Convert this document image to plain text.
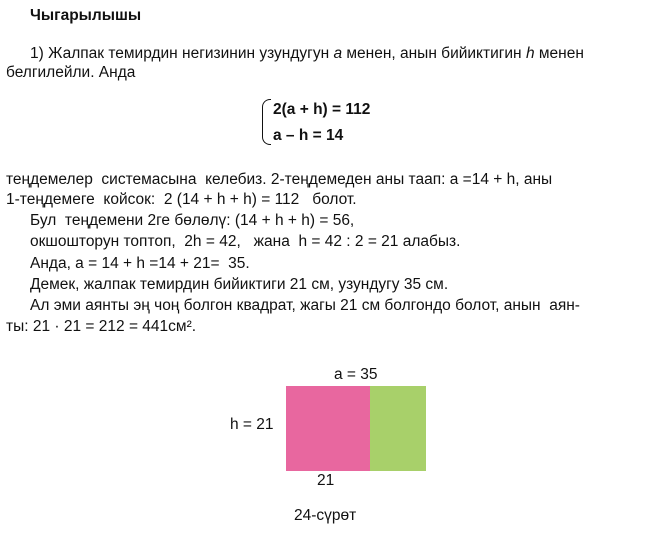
Чыгарылышы
1) Жалпак темирдин негизинин узундугун a менен, анын бийиктигин h менен
белгилейли. Анда
2(a + h) = 112
a – h = 14
теңдемелер  системасына  келебиз. 2-теңдемеден аны таап: a =14 + h, аны
1-теңдемеге  койсок:  2 (14 + h + h) = 112   болот.
Бул  теңдемени 2ге бөлөлү: (14 + h + h) = 56,
окшошторун топтоп,  2h = 42,   жана  h = 42 : 2 = 21 алабыз.
Анда, a = 14 + h =14 + 21=  35.
Демек, жалпак темирдин бийиктиги 21 см, узундугу 35 см.
Ал эми аянты эң чоң болгон квадрат, жагы 21 см болгондо болот, анын  аян-
ты: 21 · 21 = 212 = 441см².
a = 35
h = 21
21
24-сүрөт
